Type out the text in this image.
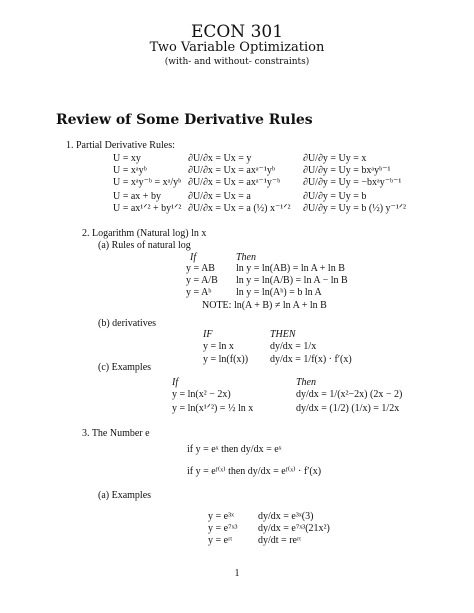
ECON 301
Two Variable Optimization
(with- and without- constraints)
Review of Some Derivative Rules
1. Partial Derivative Rules:
U = xy	∂U/∂x = Ux = y	∂U/∂y = Uy = x
U = xᵃyᵇ	∂U/∂x = Ux = axᵃ⁻¹yᵇ	∂U/∂y = Uy = bxᵃyᵇ⁻¹
U = xᵃy⁻ᵇ = xᵃ/yᵇ ∂U/∂x = Ux = axᵃ⁻¹y⁻ᵇ ∂U/∂y = Uy = −bxᵃy⁻ᵇ⁻¹
U = ax + by	∂U/∂x = Ux = a	∂U/∂y = Uy = b
U = ax¹ᐟ² + by¹ᐟ² ∂U/∂x = Ux = a (½) x⁻¹ᐟ² ∂U/∂y = Uy = b (½) y⁻¹ᐟ²
2. Logarithm (Natural log) ln x
(a) Rules of natural log
If	Then
y = AB ln y = ln(AB) = ln A + ln B
y = A/B ln y = ln(A/B) = ln A − ln B
y = Aᵇ ln y = ln(Aᵇ) = b ln A
NOTE: ln(A + B) ≠ ln A + ln B
(b) derivatives
IF	THEN
y = ln x	dy/dx = 1/x
y = ln(f(x)) dy/dx = 1/f(x) · f′(x)
(c) Examples
If	Then
y = ln(x² − 2x)	dy/dx = 1/(x²−2x) (2x − 2)
y = ln(x¹ᐟ²) = ½ ln x	dy/dx = (1/2) (1/x) = 1/2x
3. The Number e
if y = eˣ then dy/dx = eˣ
if y = eᶠ⁽ˣ⁾ then dy/dx = eᶠ⁽ˣ⁾ · f′(x)
(a) Examples
y = e³ˣ dy/dx = e³ˣ(3)
y = e⁷ˣ³ dy/dx = e⁷ˣ³(21x²)
y = eʳᵗ	dy/dt = reʳᵗ
1
